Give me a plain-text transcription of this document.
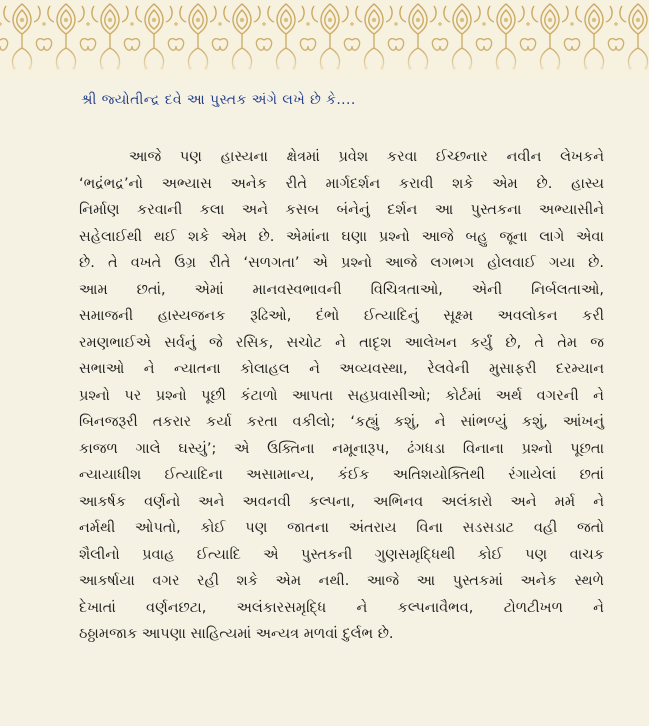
શ્રી જ્યોતીન્દ્ર દવે આ પુસ્તક અંગે લખે છે કે....
આજે પણ હાસ્યના ક્ષેત્રમાં પ્રવેશ કરવા ઈચ્છનાર નવીન લેખકને
‘ભદ્રંભદ્ર’નો અભ્યાસ અનેક રીતે માર્ગદર્શન કરાવી શકે એમ છે. હાસ્ય
નિર્માણ કરવાની કલા અને કસબ બંનેનું દર્શન આ પુસ્તકના અભ્યાસીને
સહેલાઈથી થઈ શકે એમ છે. એમાંના ઘણા પ્રશ્નો આજે બહુ જૂના લાગે એવા
છે. તે વખતે ઉગ્ર રીતે ‘સળગતા’ એ પ્રશ્નો આજે લગભગ હોલવાઈ ગયા છે.
આમ છતાં, એમાં માનવસ્વભાવની વિચિત્રતાઓ, એની નિર્બલતાઓ,
સમાજની હાસ્યજનક રૂઢિઓ, દંભો ઈત્યાદિનું સૂક્ષ્મ અવલોકન કરી
રમણભાઈએ સર્વનું જે રસિક, સચોટ ને તાદૃશ આલેખન કર્યું છે, તે તેમ જ
સભાઓ ને ન્યાતના કોલાહલ ને અવ્યવસ્થા, રેલવેની મુસાફરી દરમ્યાન
પ્રશ્નો પર પ્રશ્નો પૂછી કંટાળો આપતા સહપ્રવાસીઓ; કોર્ટમાં અર્થ વગરની ને
બિનજરૂરી તકરાર કર્યા કરતા વકીલો; ‘કહ્યું કશું, ને સાંભળ્યું કશું, આંખનું
કાજળ ગાલે ઘસ્યું’; એ ઉક્તિના નમૂનારૂપ, ઢંગધડા વિનાના પ્રશ્નો પૂછતા
ન્યાયાધીશ ઈત્યાદિના અસામાન્ય, કંઈક અતિશયોક્તિથી રંગાયેલાં છતાં
આકર્ષક વર્ણનો અને અવનવી કલ્પના, અભિનવ અલંકારો અને મર્મ ને
નર્મથી ઓપતો, કોઈ પણ જાતના અંતરાય વિના સડસડાટ વહી જતો
શૈલીનો પ્રવાહ ઈત્યાદિ એ પુસ્તકની ગુણસમૃદ્ધિથી કોઈ પણ વાચક
આકર્ષાયા વગર રહી શકે એમ નથી. આજે આ પુસ્તકમાં અનેક સ્થળે
દેખાતાં વર્ણનછટા, અલંકારસમૃદ્ધિ ને કલ્પનાવૈભવ, ટોળટીખળ ને
ઠઠ્ઠામજાક આપણા સાહિત્યમાં અન્યત્ર મળવાં દુર્લભ છે.
